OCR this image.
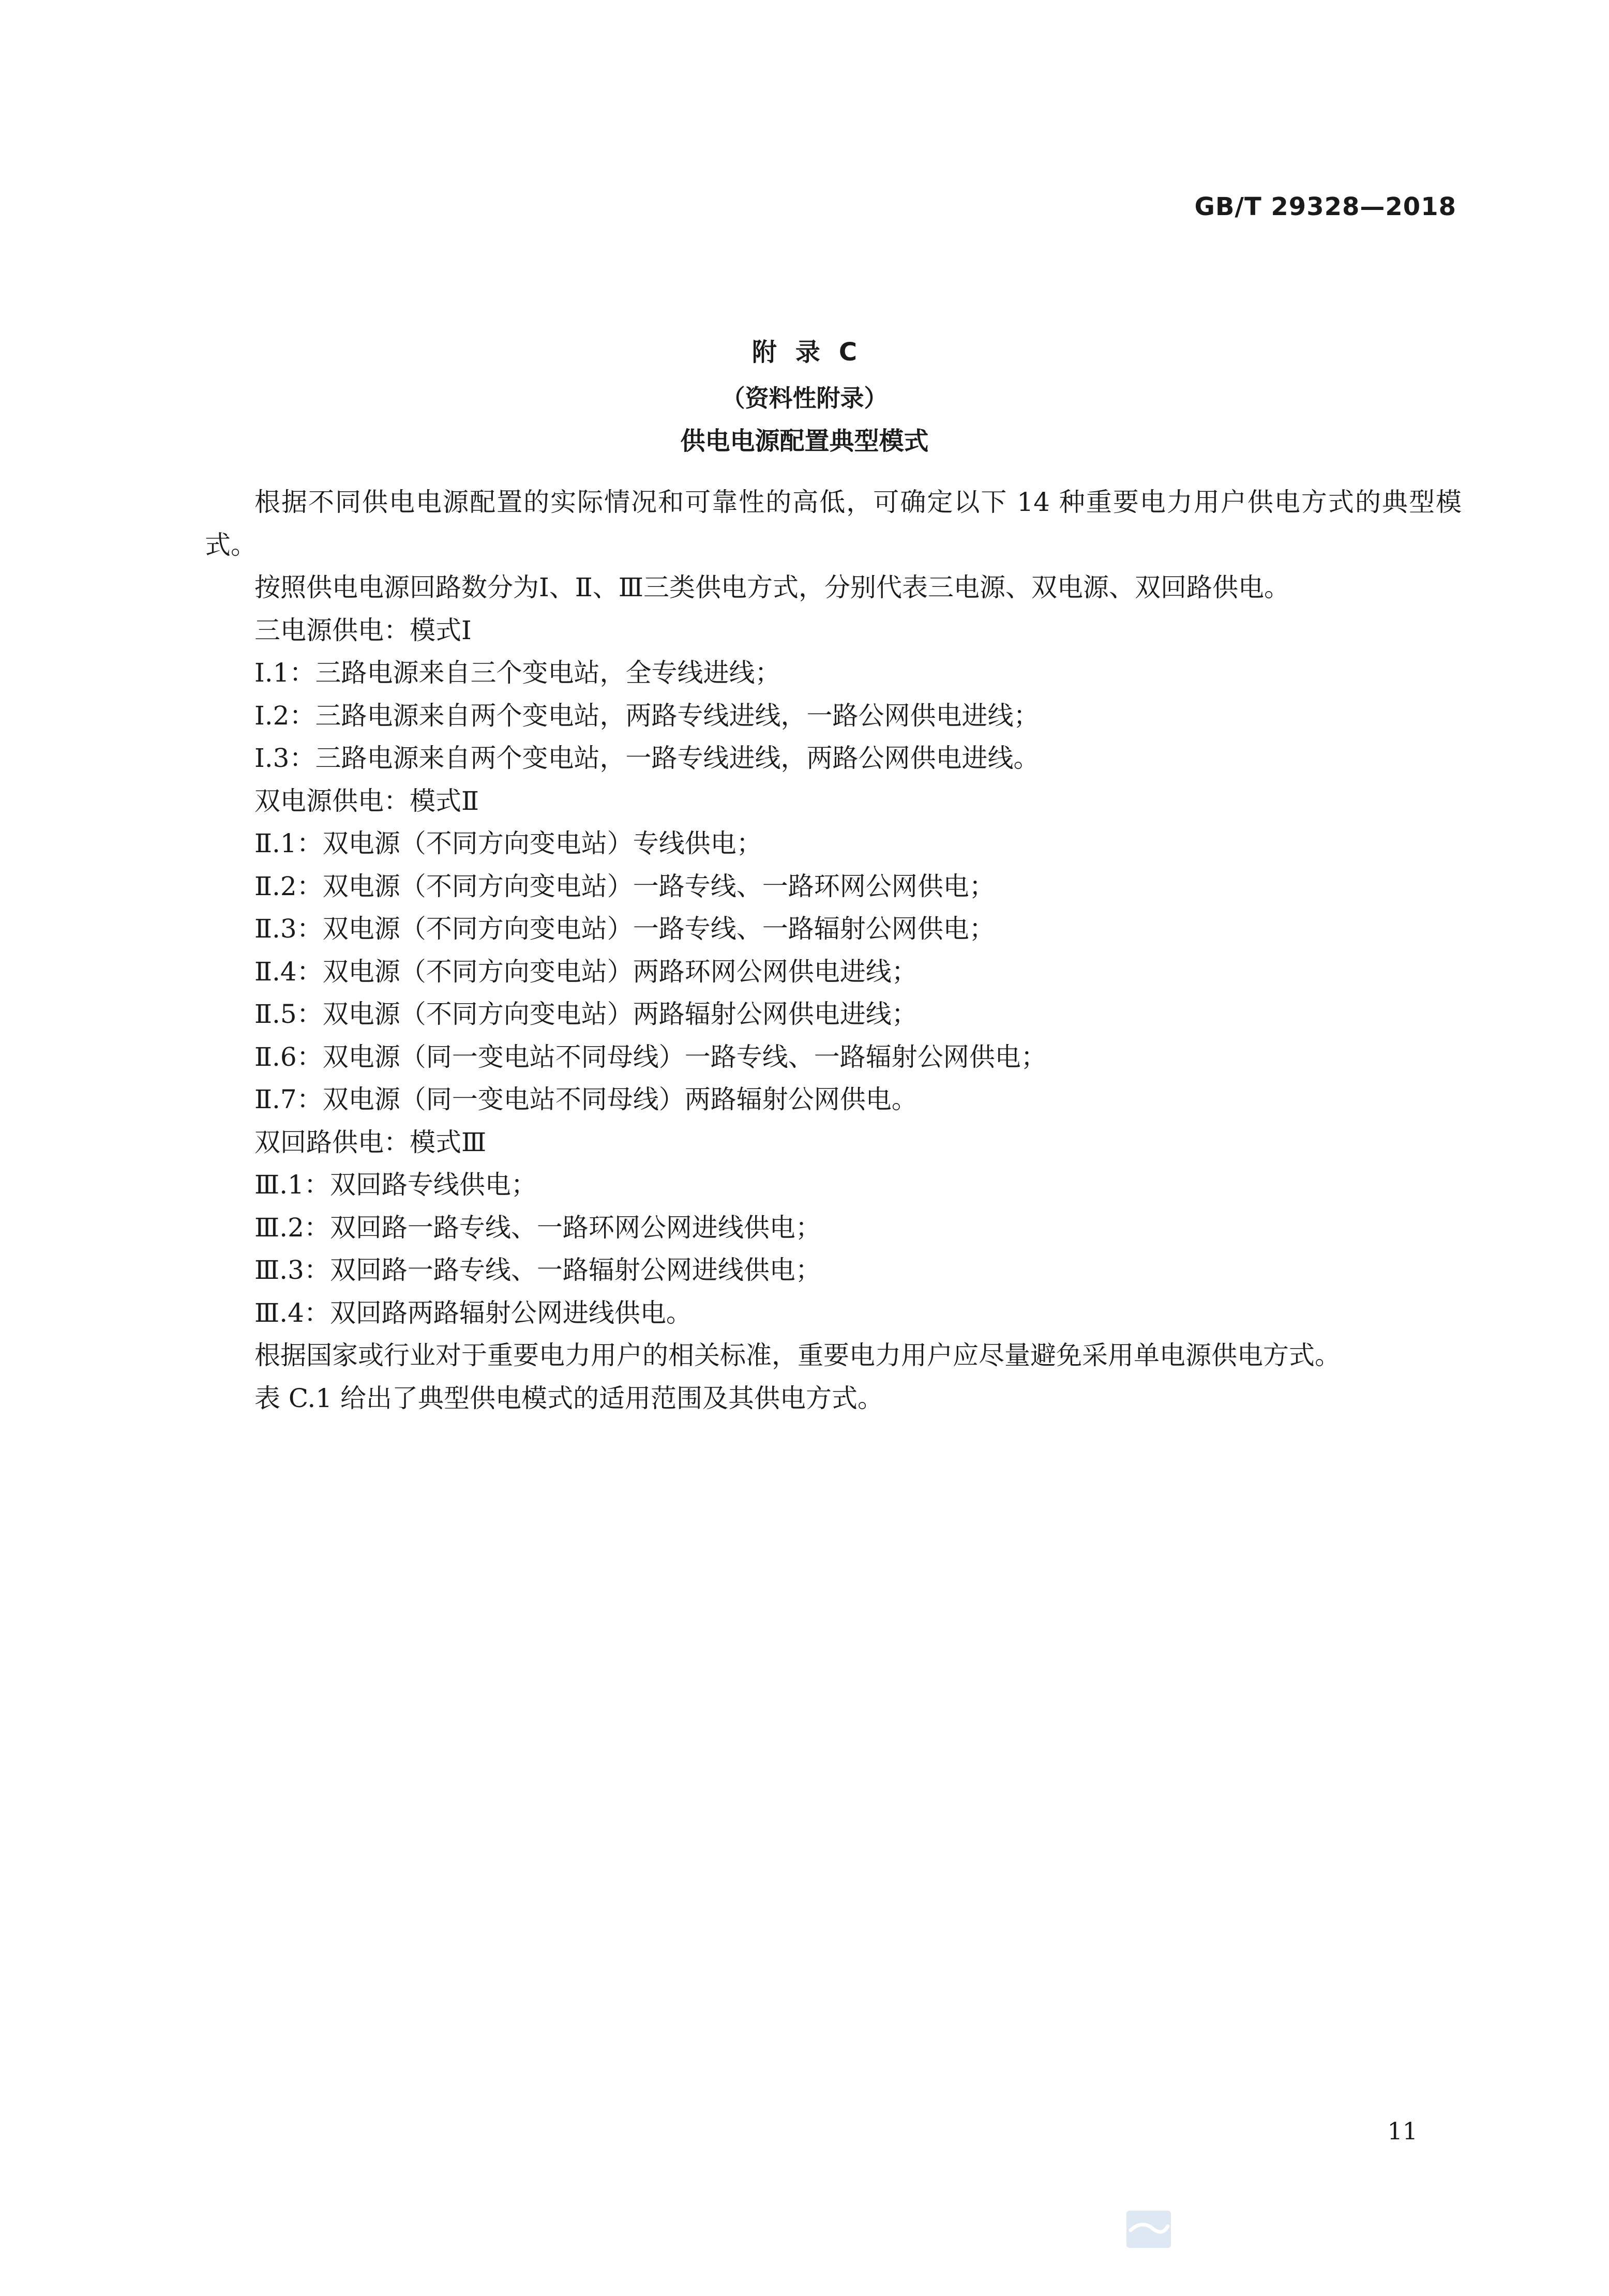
GB/T 29328—2018
附录C
（资料性附录）
供电电源配置典型模式

根据不同供电电源配置的实际情况和可靠性的高低，可确定以下 14 种重要电力用户供电方式的典型模式。

按照供电电源回路数分为Ⅰ、Ⅱ、Ⅲ三类供电方式，分别代表三电源、双电源、双回路供电。

三电源供电：模式Ⅰ

Ⅰ.1：三路电源来自三个变电站，全专线进线；

Ⅰ.2：三路电源来自两个变电站，两路专线进线，一路公网供电进线；

Ⅰ.3：三路电源来自两个变电站，一路专线进线，两路公网供电进线。

双电源供电：模式Ⅱ

Ⅱ.1：双电源（不同方向变电站）专线供电；

Ⅱ.2：双电源（不同方向变电站）一路专线、一路环网公网供电；

Ⅱ.3：双电源（不同方向变电站）一路专线、一路辐射公网供电；

Ⅱ.4：双电源（不同方向变电站）两路环网公网供电进线；

Ⅱ.5：双电源（不同方向变电站）两路辐射公网供电进线；

Ⅱ.6：双电源（同一变电站不同母线）一路专线、一路辐射公网供电；

Ⅱ.7：双电源（同一变电站不同母线）两路辐射公网供电。

双回路供电：模式Ⅲ

Ⅲ.1：双回路专线供电；

Ⅲ.2：双回路一路专线、一路环网公网进线供电；

Ⅲ.3：双回路一路专线、一路辐射公网进线供电；

Ⅲ.4：双回路两路辐射公网进线供电。

根据国家或行业对于重要电力用户的相关标准，重要电力用户应尽量避免采用单电源供电方式。

表 C.1 给出了典型供电模式的适用范围及其供电方式。

11
